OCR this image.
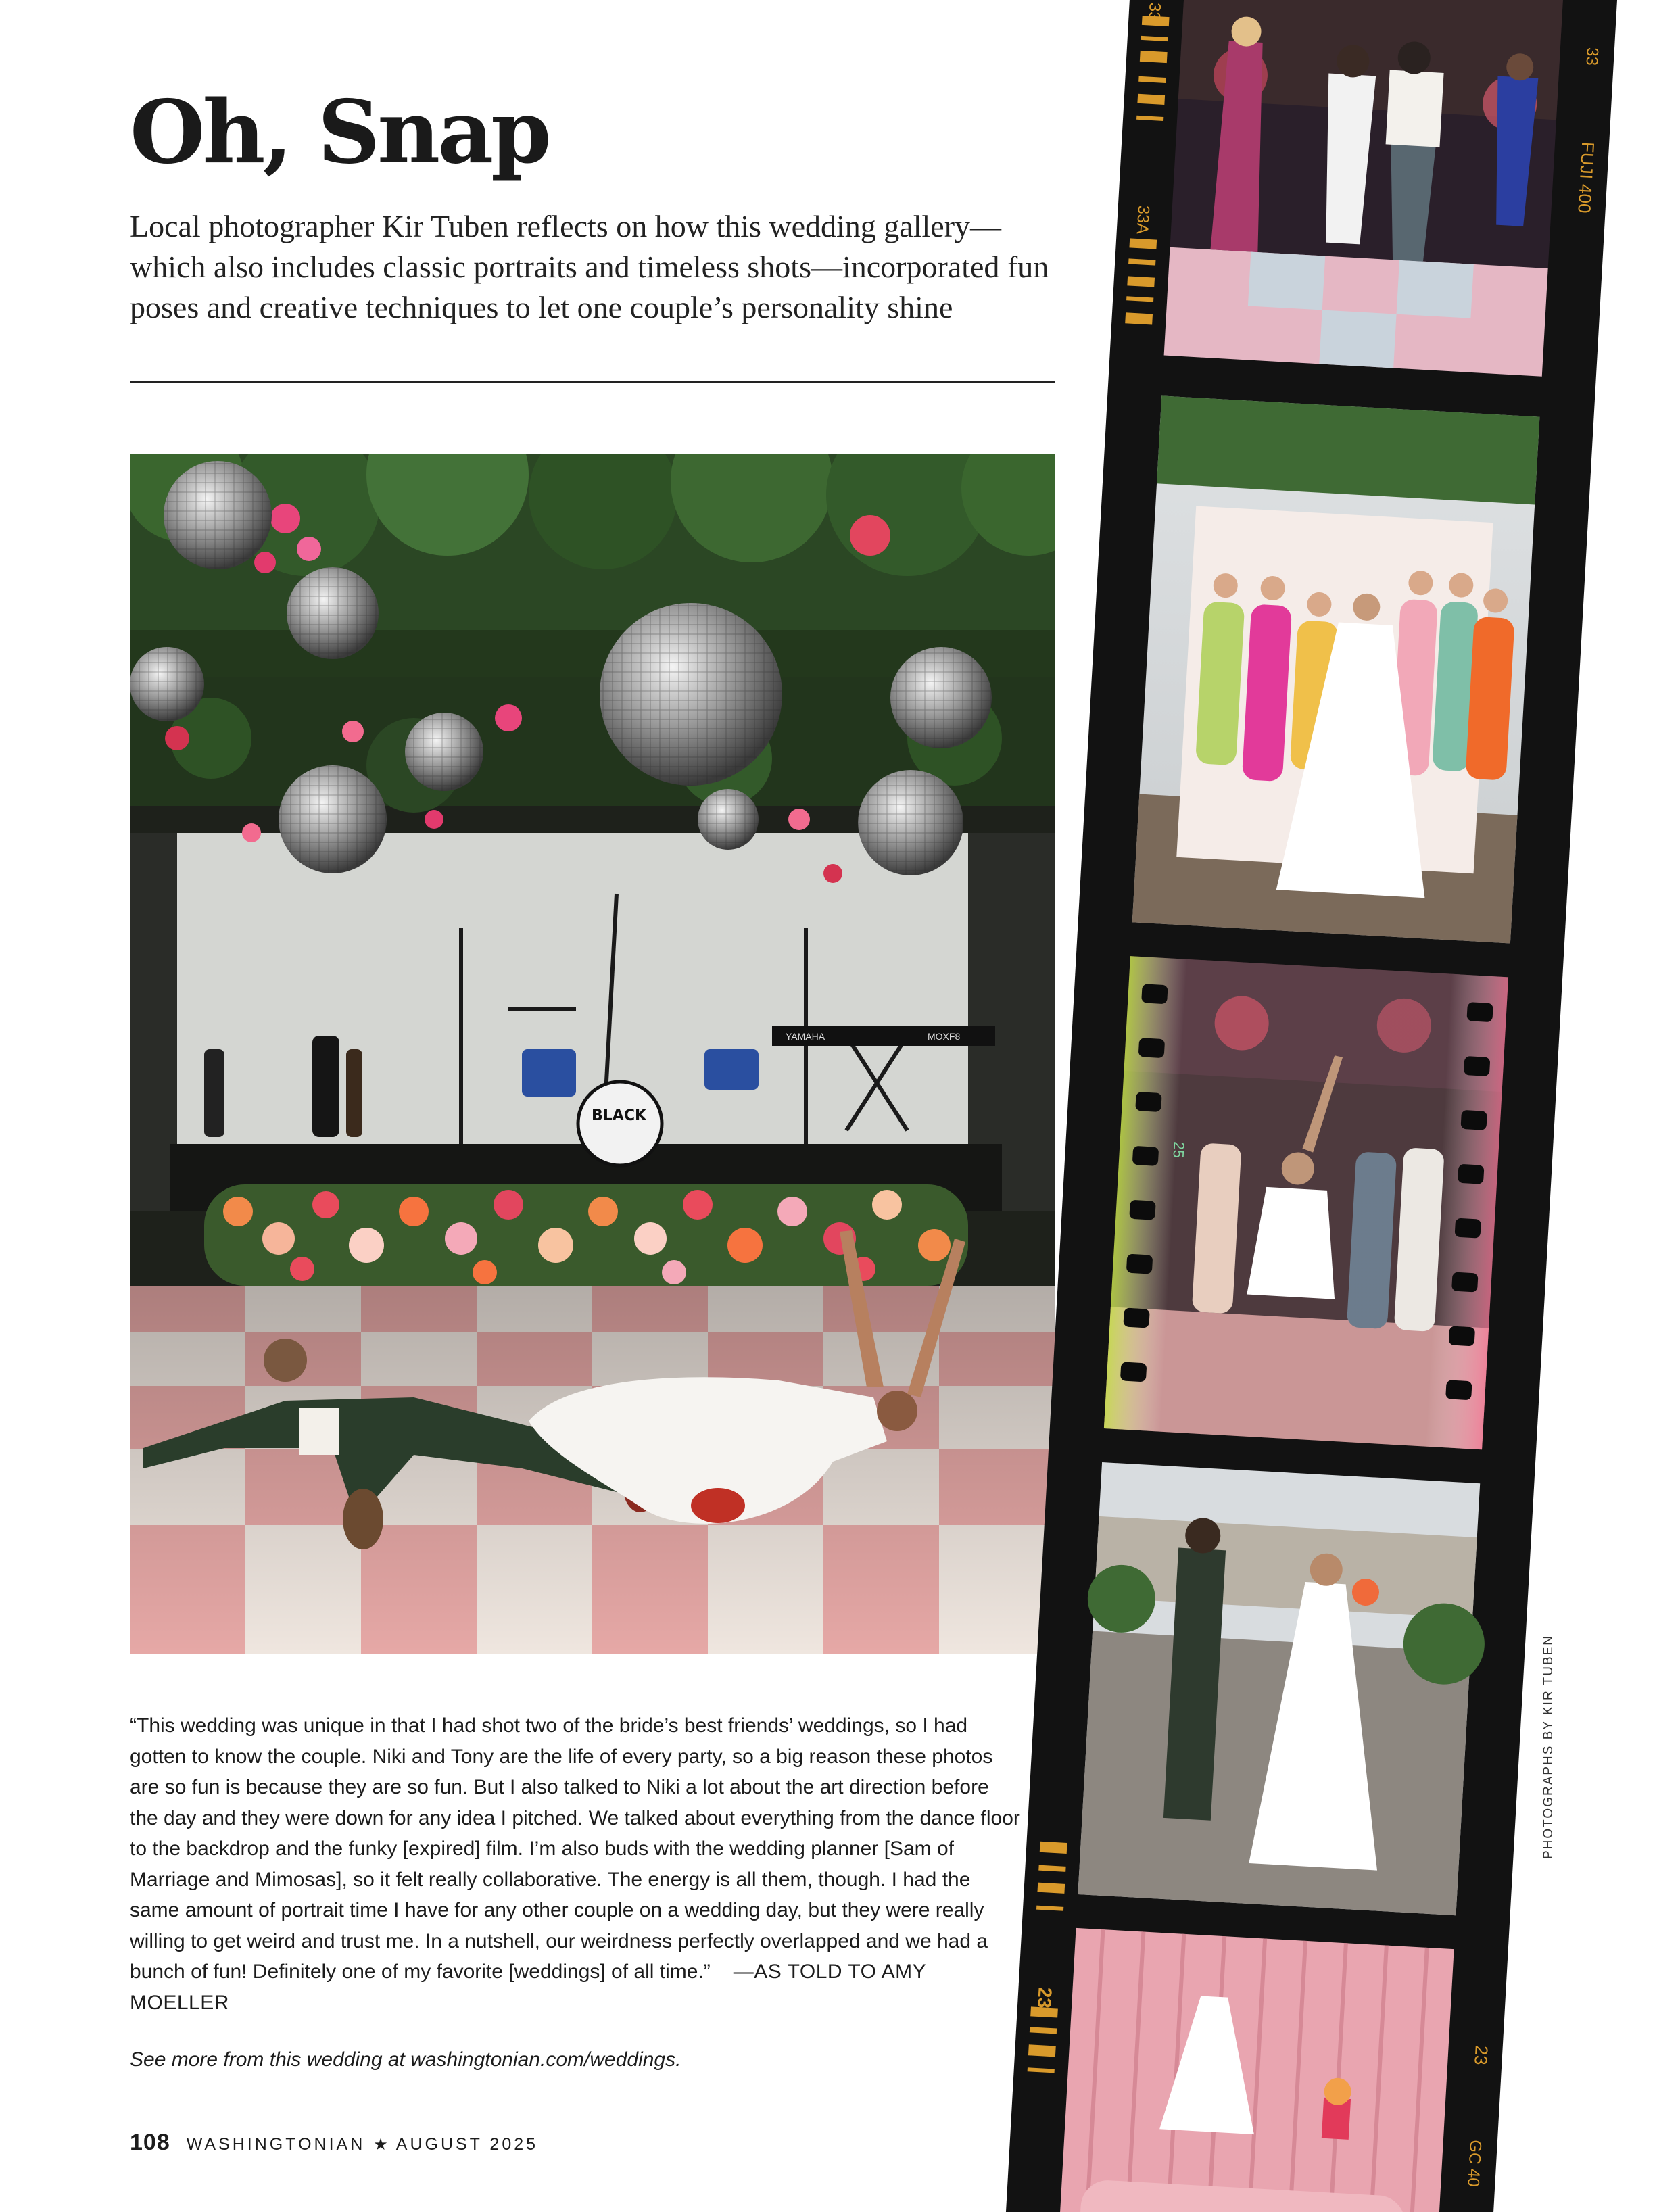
Oh, Snap

Local photographer Kir Tuben reflects on how this wedding gallery—which also includes classic portraits and timeless shots—incorporated fun poses and creative techniques to let one couple’s personality shine

YAMAHA	MOXF8
BLACK

“This wedding was unique in that I had shot two of the bride’s best friends’ weddings, so I had gotten to know the couple. Niki and Tony are the life of every party, so a big reason these photos are so fun is because they are so fun. But I also talked to Niki a lot about the art direction before the day and they were down for any idea I pitched. We talked about everything from the dance floor to the backdrop and the funky [expired] film. I’m also buds with the wedding planner [Sam of Marriage and Mimosas], so it felt really collaborative. The energy is all them, though. I had the same amount of portrait time I have for any other couple on a wedding day, but they were really willing to get weird and trust me. In a nutshell, our weirdness perfectly overlapped and we had a bunch of fun! Definitely one of my favorite [weddings] of all time.” —AS TOLD TO AMY MOELLER

See more from this wedding at washingtonian.com/weddings.

108 WASHINGTONIAN ★ AUGUST 2025
PHOTOGRAPHS BY KIR TUBEN
33
33A
33
FUJI 400
23
23
GC 40
25
